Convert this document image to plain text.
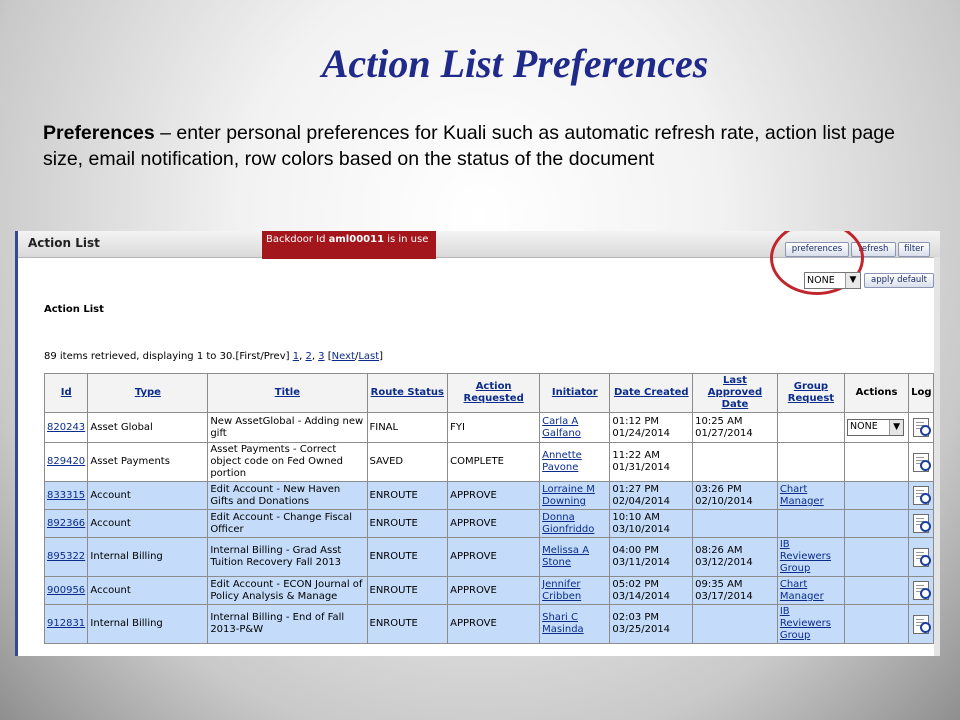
Action List Preferences
Preferences – enter personal preferences for Kuali such as automatic refresh rate, action list page size, email notification, row colors based on the status of the document
Action List	Backdoor Id aml00011 is in use
preferences	refresh	filter
NONE	▼	apply default
Action List
89 items retrieved, displaying 1 to 30.[First/Prev] 1, 2, 3 [Next/Last]
Id	Type	Title	Route Status	Action Requested	Initiator	Date Created	Last Approved Date	Group Request	Actions	Log
820243	Asset Global	New AssetGlobal - Adding new gift	FINAL	FYI	Carla A Galfano	01:12 PM 01/24/2014	10:25 AM 01/27/2014		NONE ▼	

829420	Asset Payments	Asset Payments - Correct object code on Fed Owned portion	SAVED	COMPLETE	Annette Pavone	11:22 AM 01/31/2014				
833315	Account	Edit Account - New Haven Gifts and Donations	ENROUTE	APPROVE	Lorraine M Downing	01:27 PM 02/04/2014	03:26 PM 02/10/2014	Chart Manager		
892366	Account	Edit Account - Change Fiscal Officer	ENROUTE	APPROVE	Donna Gionfriddo	10:10 AM 03/10/2014				
895322	Internal Billing	Internal Billing - Grad Asst Tuition Recovery Fall 2013	ENROUTE	APPROVE	Melissa A Stone	04:00 PM 03/11/2014	08:26 AM 03/12/2014	IB Reviewers Group		
900956	Account	Edit Account - ECON Journal of Policy Analysis & Manage	ENROUTE	APPROVE	Jennifer Cribben	05:02 PM 03/14/2014	09:35 AM 03/17/2014	Chart Manager		
912831	Internal Billing	Internal Billing - End of Fall 2013-P&W	ENROUTE	APPROVE	Shari C Masinda	02:03 PM 03/25/2014		IB Reviewers Group		
